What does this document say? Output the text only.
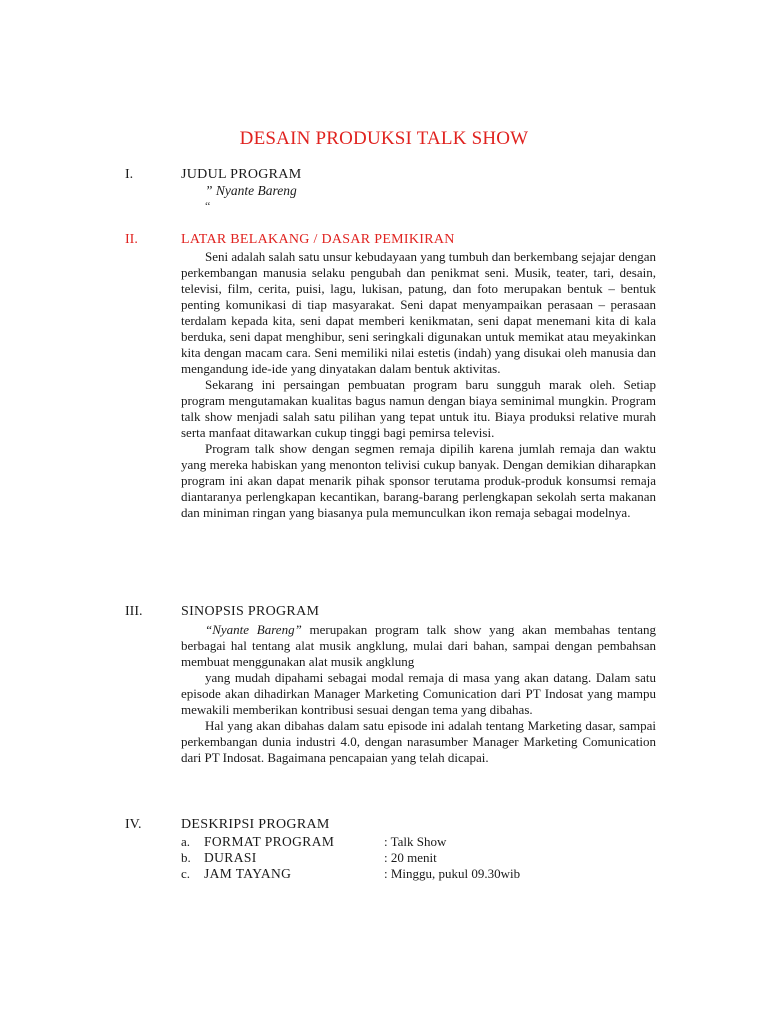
DESAIN PRODUKSI TALK SHOW
I.	JUDUL PROGRAM
” Nyante Bareng
“
II.	LATAR BELAKANG / DASAR PEMIKIRAN

Seni adalah salah satu unsur kebudayaan yang tumbuh dan berkembang sejajar dengan perkembangan manusia selaku pengubah dan penikmat seni. Musik, teater, tari, desain, televisi, film, cerita, puisi, lagu, lukisan, patung, dan foto merupakan bentuk – bentuk penting komunikasi di tiap masyarakat. Seni dapat menyampaikan perasaan – perasaan terdalam kepada kita, seni dapat memberi kenikmatan, seni dapat menemani kita di kala berduka, seni dapat menghibur, seni seringkali digunakan untuk memikat atau meyakinkan kita dengan macam cara. Seni memiliki nilai estetis (indah) yang disukai oleh manusia dan mengandung ide-ide yang dinyatakan dalam bentuk aktivitas.

Sekarang ini persaingan pembuatan program baru sungguh marak oleh. Setiap program mengutamakan kualitas bagus namun dengan biaya seminimal mungkin. Program talk show menjadi salah satu pilihan yang tepat untuk itu. Biaya produksi relative murah serta manfaat ditawarkan cukup tinggi bagi pemirsa televisi.

Program talk show dengan segmen remaja dipilih karena jumlah remaja dan waktu yang mereka habiskan yang menonton telivisi cukup banyak. Dengan demikian diharapkan program ini akan dapat menarik pihak sponsor terutama produk-produk konsumsi remaja diantaranya perlengkapan kecantikan, barang-barang perlengkapan sekolah serta makanan dan miniman ringan yang biasanya pula memunculkan ikon remaja sebagai modelnya.

III.	SINOPSIS PROGRAM

“Nyante Bareng” merupakan program talk show yang akan membahas tentang berbagai hal tentang alat musik angklung, mulai dari bahan, sampai dengan pembahsan membuat menggunakan alat musik angklung

yang mudah dipahami sebagai modal remaja di masa yang akan datang. Dalam satu episode akan dihadirkan Manager Marketing Comunication dari PT Indosat yang mampu mewakili memberikan kontribusi sesuai dengan tema yang dibahas.

Hal yang akan dibahas dalam satu episode ini adalah tentang Marketing dasar, sampai perkembangan dunia industri 4.0, dengan narasumber Manager Marketing Comunication dari PT Indosat. Bagaimana pencapaian yang telah dicapai.

IV.	DESKRIPSI PROGRAM
a. FORMAT PROGRAM	: Talk Show
b. DURASI	: 20 menit
c. JAM TAYANG	: Minggu, pukul 09.30wib
